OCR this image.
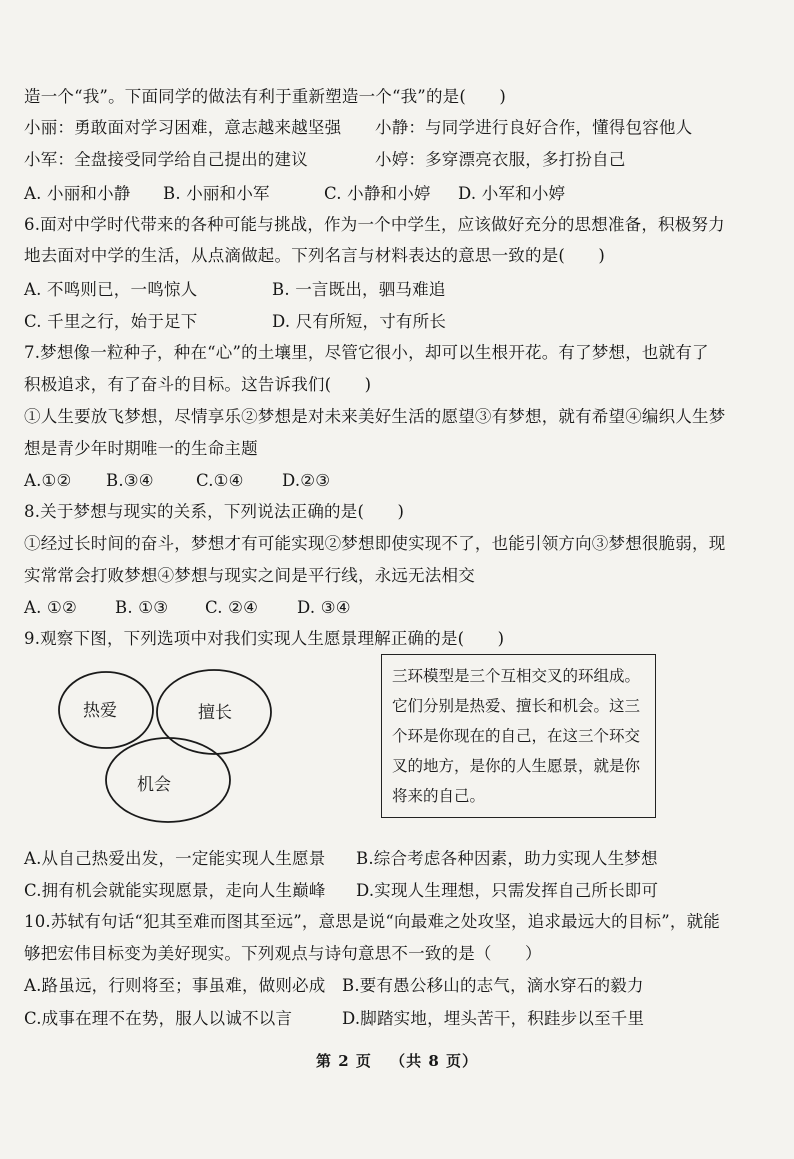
造一个“我”。下面同学的做法有利于重新塑造一个“我”的是(　　)
小丽：勇敢面对学习困难，意志越来越坚强 小静：与同学进行良好合作，懂得包容他人
小军：全盘接受同学给自己提出的建议	小婷：多穿漂亮衣服，多打扮自己
A. 小丽和小静 B. 小丽和小军	C. 小静和小婷 D. 小军和小婷
6.面对中学时代带来的各种可能与挑战，作为一个中学生，应该做好充分的思想准备，积极努力
地去面对中学的生活，从点滴做起。下列名言与材料表达的意思一致的是(　　)
A. 不鸣则已，一鸣惊人	B. 一言既出，驷马难追
C. 千里之行，始于足下	D. 尺有所短，寸有所长
7.梦想像一粒种子，种在“心”的土壤里，尽管它很小，却可以生根开花。有了梦想，也就有了
积极追求，有了奋斗的目标。这告诉我们(　　)
①人生要放飞梦想，尽情享乐②梦想是对未来美好生活的愿望③有梦想，就有希望④编织人生梦
想是青少年时期唯一的生命主题
A.①② B.③④	C.①④ D.②③
8.关于梦想与现实的关系，下列说法正确的是(　　)
①经过长时间的奋斗，梦想才有可能实现②梦想即使实现不了，也能引领方向③梦想很脆弱，现
实常常会打败梦想④梦想与现实之间是平行线，永远无法相交
A. ①② B. ①③ C. ②④ D. ③④
9.观察下图，下列选项中对我们实现人生愿景理解正确的是(　　)
热爱	擅长
机会
三环模型是三个互相交叉的环组成。
它们分别是热爱、擅长和机会。这三
个环是你现在的自己，在这三个环交
叉的地方，是你的人生愿景，就是你
将来的自己。
A.从自己热爱出发，一定能实现人生愿景 B.综合考虑各种因素，助力实现人生梦想
C.拥有机会就能实现愿景，走向人生巅峰 D.实现人生理想，只需发挥自己所长即可
10.苏轼有句话“犯其至难而图其至远”，意思是说“向最难之处攻坚，追求最远大的目标”，就能
够把宏伟目标变为美好现实。下列观点与诗句意思不一致的是（　　）
A.路虽远，行则将至；事虽难，做则必成 B.要有愚公移山的志气，滴水穿石的毅力
C.成事在理不在势，服人以诚不以言	D.脚踏实地，埋头苦干，积跬步以至千里
第 2 页 （共 8 页）
